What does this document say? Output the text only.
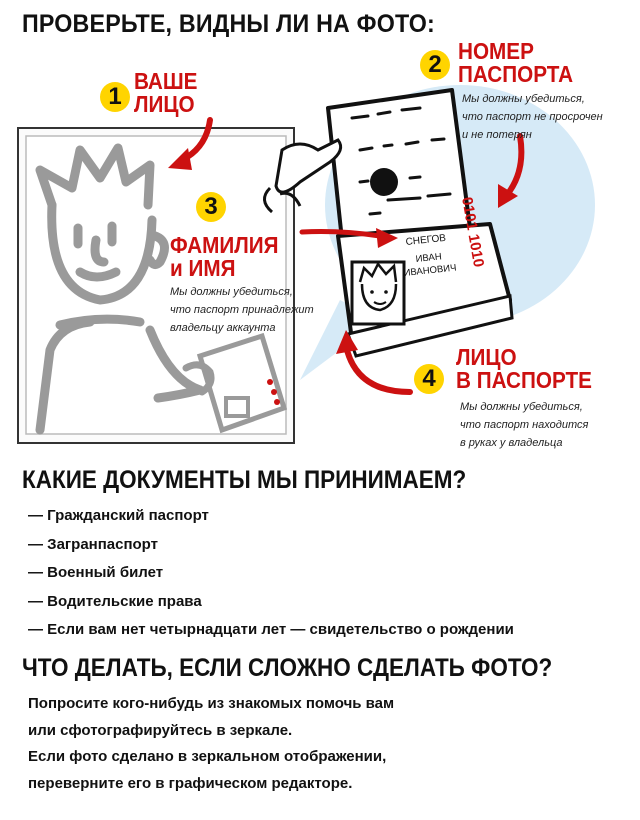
ПРОВЕРЬТЕ, ВИДНЫ ЛИ НА ФОТО:
СНЕГОВ
ИВАН
ИВАНОВИЧ
0101 1010
1
ВАШЕ
ЛИЦО
2 НОМЕР
ПАСПОРТА
Мы должны убедиться,
что паспорт не просрочен
и не потерян
3
ФАМИЛИЯ
и ИМЯ
Мы должны убедиться,
что паспорт принадлежит
владельцу аккаунта
4
ЛИЦО
В ПАСПОРТЕ
Мы должны убедиться,
что паспорт находится
в руках у владельца
КАКИЕ ДОКУМЕНТЫ МЫ ПРИНИМАЕМ?
— Гражданский паспорт
— Загранпаспорт
— Военный билет
— Водительские права
— Если вам нет четырнадцати лет — свидетельство о рождении
ЧТО ДЕЛАТЬ, ЕСЛИ СЛОЖНО СДЕЛАТЬ ФОТО?

Попросите кого-нибудь из знакомых помочь вам

или сфотографируйтесь в зеркале.

Если фото сделано в зеркальном отображении,

переверните его в графическом редакторе.
